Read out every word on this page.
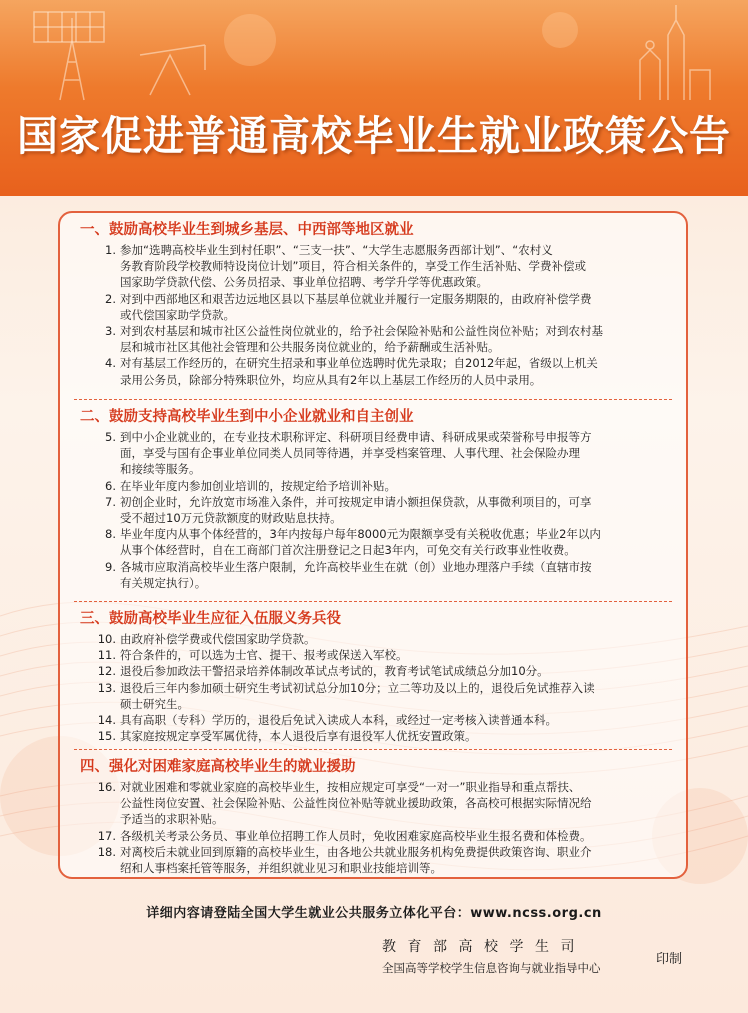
国家促进普通高校毕业生就业政策公告
一、鼓励高校毕业生到城乡基层、中西部等地区就业
1. 参加“选聘高校毕业生到村任职”、“三支一扶”、“大学生志愿服务西部计划”、“农村义
务教育阶段学校教师特设岗位计划”项目，符合相关条件的，享受工作生活补贴、学费补偿或
国家助学贷款代偿、公务员招录、事业单位招聘、考学升学等优惠政策。
2. 对到中西部地区和艰苦边远地区县以下基层单位就业并履行一定服务期限的，由政府补偿学费
或代偿国家助学贷款。
3. 对到农村基层和城市社区公益性岗位就业的，给予社会保险补贴和公益性岗位补贴；对到农村基
层和城市社区其他社会管理和公共服务岗位就业的，给予薪酬或生活补贴。
4. 对有基层工作经历的，在研究生招录和事业单位选聘时优先录取；自2012年起，省级以上机关
录用公务员，除部分特殊职位外，均应从具有2年以上基层工作经历的人员中录用。
二、鼓励支持高校毕业生到中小企业就业和自主创业
5. 到中小企业就业的，在专业技术职称评定、科研项目经费申请、科研成果或荣誉称号申报等方
面，享受与国有企事业单位同类人员同等待遇，并享受档案管理、人事代理、社会保险办理
和接续等服务。
6. 在毕业年度内参加创业培训的，按规定给予培训补贴。
7. 初创企业时，允许放宽市场准入条件，并可按规定申请小额担保贷款，从事微利项目的，可享
受不超过10万元贷款额度的财政贴息扶持。
8. 毕业年度内从事个体经营的，3年内按每户每年8000元为限额享受有关税收优惠；毕业2年以内
从事个体经营时，自在工商部门首次注册登记之日起3年内，可免交有关行政事业性收费。
9. 各城市应取消高校毕业生落户限制，允许高校毕业生在就（创）业地办理落户手续（直辖市按
有关规定执行）。
三、鼓励高校毕业生应征入伍服义务兵役
10. 由政府补偿学费或代偿国家助学贷款。
11. 符合条件的，可以选为士官、提干、报考或保送入军校。
12. 退役后参加政法干警招录培养体制改革试点考试的，教育考试笔试成绩总分加10分。
13. 退役后三年内参加硕士研究生考试初试总分加10分；立二等功及以上的，退役后免试推荐入读
硕士研究生。
14. 具有高职（专科）学历的，退役后免试入读成人本科，或经过一定考核入读普通本科。
15. 其家庭按规定享受军属优待，本人退役后享有退役军人优抚安置政策。
四、强化对困难家庭高校毕业生的就业援助
16. 对就业困难和零就业家庭的高校毕业生，按相应规定可享受“一对一”职业指导和重点帮扶、
公益性岗位安置、社会保险补贴、公益性岗位补贴等就业援助政策，各高校可根据实际情况给
予适当的求职补贴。
17. 各级机关考录公务员、事业单位招聘工作人员时，免收困难家庭高校毕业生报名费和体检费。
18. 对离校后未就业回到原籍的高校毕业生，由各地公共就业服务机构免费提供政策咨询、职业介
绍和人事档案托管等服务，并组织就业见习和职业技能培训等。
详细内容请登陆全国大学生就业公共服务立体化平台：www.ncss.org.cn
教育部高校学生司
全国高等学校学生信息咨询与就业指导中心
印制
